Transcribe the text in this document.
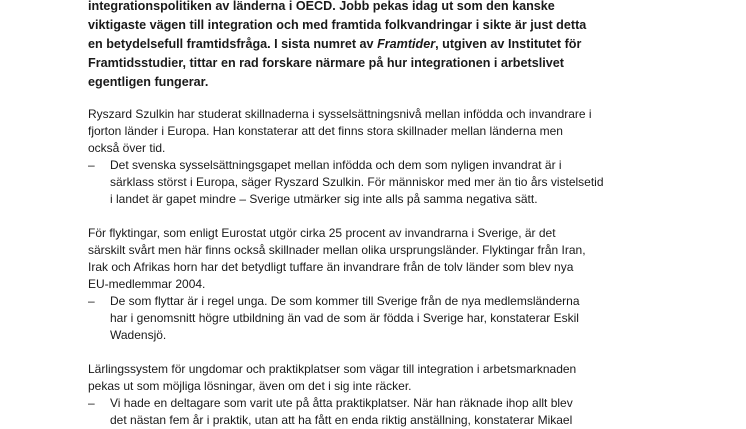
integrationspolitiken av länderna i OECD. Jobb pekas idag ut som den kanske
viktigaste vägen till integration och med framtida folkvandringar i sikte är just detta
en betydelsefull framtidsfråga. I sista numret av Framtider, utgiven av Institutet för
Framtidsstudier, tittar en rad forskare närmare på hur integrationen i arbetslivet
egentligen fungerar.
Ryszard Szulkin har studerat skillnaderna i sysselsättningsnivå mellan infödda och invandrare i
fjorton länder i Europa. Han konstaterar att det finns stora skillnader mellan länderna men
också över tid.
– Det svenska sysselsättningsgapet mellan infödda och dem som nyligen invandrat är i
särklass störst i Europa, säger Ryszard Szulkin. För människor med mer än tio års vistelsetid
i landet är gapet mindre – Sverige utmärker sig inte alls på samma negativa sätt.
För flyktingar, som enligt Eurostat utgör cirka 25 procent av invandrarna i Sverige, är det
särskilt svårt men här finns också skillnader mellan olika ursprungsländer. Flyktingar från Iran,
Irak och Afrikas horn har det betydligt tuffare än invandrare från de tolv länder som blev nya
EU-medlemmar 2004.
– De som flyttar är i regel unga. De som kommer till Sverige från de nya medlemsländerna
har i genomsnitt högre utbildning än vad de som är födda i Sverige har, konstaterar Eskil
Wadensjö.
Lärlingssystem för ungdomar och praktikplatser som vägar till integration i arbetsmarknaden
pekas ut som möjliga lösningar, även om det i sig inte räcker.
– Vi hade en deltagare som varit ute på åtta praktikplatser. När han räknade ihop allt blev
det nästan fem år i praktik, utan att ha fått en enda riktig anställning, konstaterar Mikael
